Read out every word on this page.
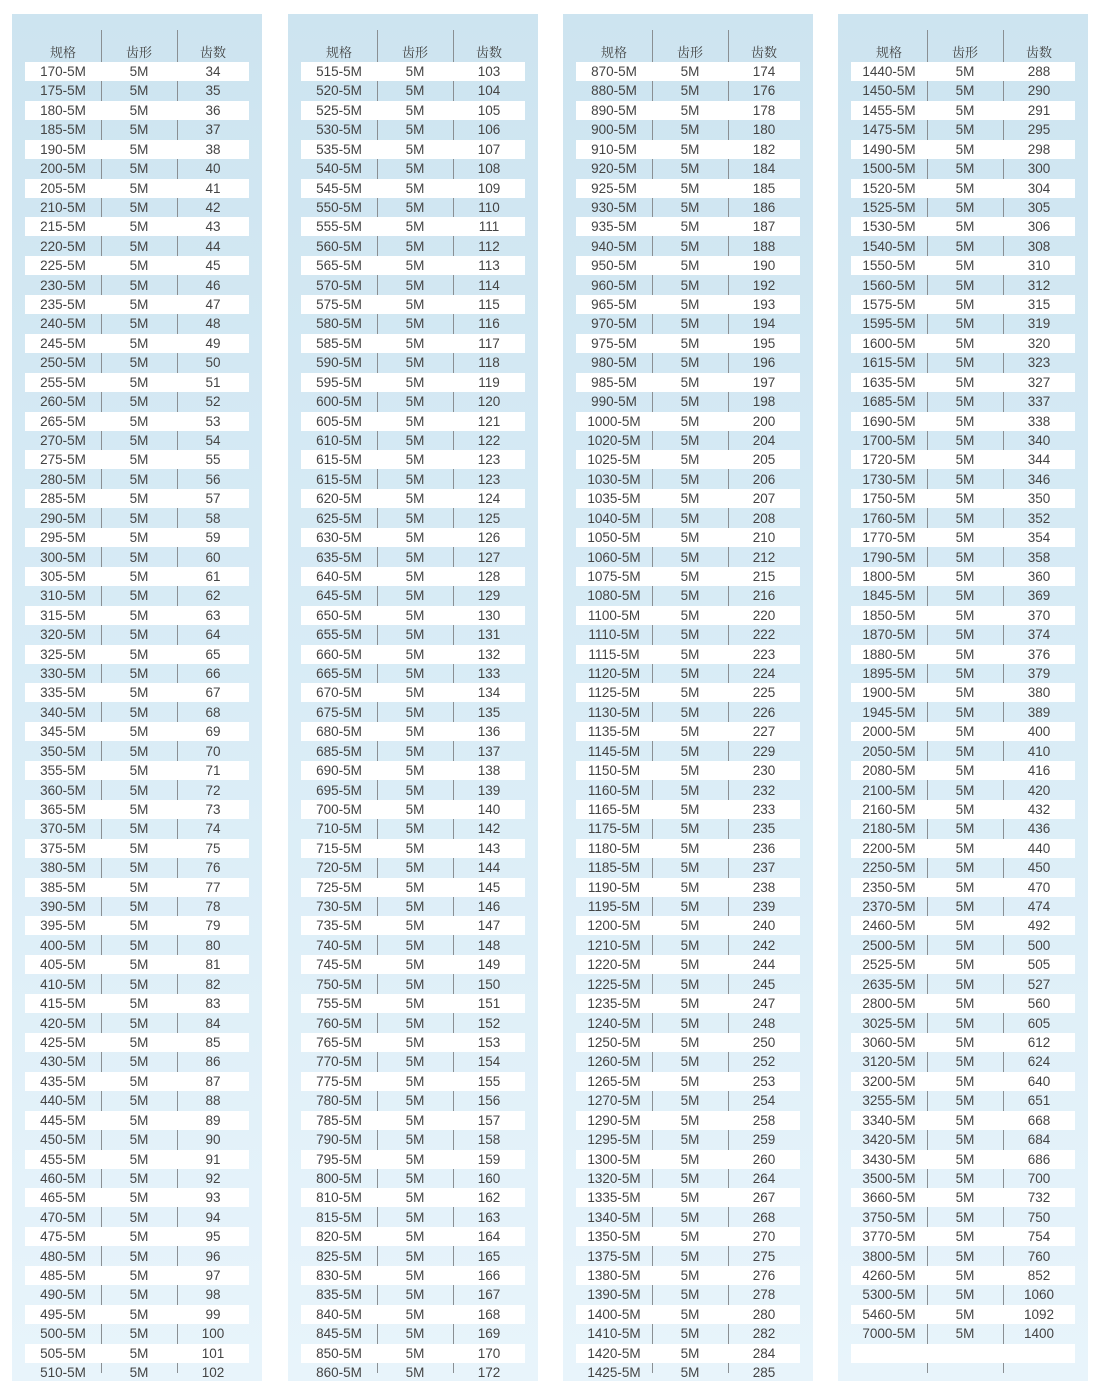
规格	齿形	齿数
170-5M	5M	34
175-5M	5M	35
180-5M	5M	36
185-5M	5M	37
190-5M	5M	38
200-5M	5M	40
205-5M	5M	41
210-5M	5M	42
215-5M	5M	43
220-5M	5M	44
225-5M	5M	45
230-5M	5M	46
235-5M	5M	47
240-5M	5M	48
245-5M	5M	49
250-5M	5M	50
255-5M	5M	51
260-5M	5M	52
265-5M	5M	53
270-5M	5M	54
275-5M	5M	55
280-5M	5M	56
285-5M	5M	57
290-5M	5M	58
295-5M	5M	59
300-5M	5M	60
305-5M	5M	61
310-5M	5M	62
315-5M	5M	63
320-5M	5M	64
325-5M	5M	65
330-5M	5M	66
335-5M	5M	67
340-5M	5M	68
345-5M	5M	69
350-5M	5M	70
355-5M	5M	71
360-5M	5M	72
365-5M	5M	73
370-5M	5M	74
375-5M	5M	75
380-5M	5M	76
385-5M	5M	77
390-5M	5M	78
395-5M	5M	79
400-5M	5M	80
405-5M	5M	81
410-5M	5M	82
415-5M	5M	83
420-5M	5M	84
425-5M	5M	85
430-5M	5M	86
435-5M	5M	87
440-5M	5M	88
445-5M	5M	89
450-5M	5M	90
455-5M	5M	91
460-5M	5M	92
465-5M	5M	93
470-5M	5M	94
475-5M	5M	95
480-5M	5M	96
485-5M	5M	97
490-5M	5M	98
495-5M	5M	99
500-5M	5M	100
505-5M	5M	101
510-5M	5M	102
规格	齿形	齿数
515-5M	5M	103
520-5M	5M	104
525-5M	5M	105
530-5M	5M	106
535-5M	5M	107
540-5M	5M	108
545-5M	5M	109
550-5M	5M	110
555-5M	5M	111
560-5M	5M	112
565-5M	5M	113
570-5M	5M	114
575-5M	5M	115
580-5M	5M	116
585-5M	5M	117
590-5M	5M	118
595-5M	5M	119
600-5M	5M	120
605-5M	5M	121
610-5M	5M	122
615-5M	5M	123
615-5M	5M	123
620-5M	5M	124
625-5M	5M	125
630-5M	5M	126
635-5M	5M	127
640-5M	5M	128
645-5M	5M	129
650-5M	5M	130
655-5M	5M	131
660-5M	5M	132
665-5M	5M	133
670-5M	5M	134
675-5M	5M	135
680-5M	5M	136
685-5M	5M	137
690-5M	5M	138
695-5M	5M	139
700-5M	5M	140
710-5M	5M	142
715-5M	5M	143
720-5M	5M	144
725-5M	5M	145
730-5M	5M	146
735-5M	5M	147
740-5M	5M	148
745-5M	5M	149
750-5M	5M	150
755-5M	5M	151
760-5M	5M	152
765-5M	5M	153
770-5M	5M	154
775-5M	5M	155
780-5M	5M	156
785-5M	5M	157
790-5M	5M	158
795-5M	5M	159
800-5M	5M	160
810-5M	5M	162
815-5M	5M	163
820-5M	5M	164
825-5M	5M	165
830-5M	5M	166
835-5M	5M	167
840-5M	5M	168
845-5M	5M	169
850-5M	5M	170
860-5M	5M	172
规格	齿形	齿数
870-5M	5M	174
880-5M	5M	176
890-5M	5M	178
900-5M	5M	180
910-5M	5M	182
920-5M	5M	184
925-5M	5M	185
930-5M	5M	186
935-5M	5M	187
940-5M	5M	188
950-5M	5M	190
960-5M	5M	192
965-5M	5M	193
970-5M	5M	194
975-5M	5M	195
980-5M	5M	196
985-5M	5M	197
990-5M	5M	198
1000-5M	5M	200
1020-5M	5M	204
1025-5M	5M	205
1030-5M	5M	206
1035-5M	5M	207
1040-5M	5M	208
1050-5M	5M	210
1060-5M	5M	212
1075-5M	5M	215
1080-5M	5M	216
1100-5M	5M	220
1110-5M	5M	222
1115-5M	5M	223
1120-5M	5M	224
1125-5M	5M	225
1130-5M	5M	226
1135-5M	5M	227
1145-5M	5M	229
1150-5M	5M	230
1160-5M	5M	232
1165-5M	5M	233
1175-5M	5M	235
1180-5M	5M	236
1185-5M	5M	237
1190-5M	5M	238
1195-5M	5M	239
1200-5M	5M	240
1210-5M	5M	242
1220-5M	5M	244
1225-5M	5M	245
1235-5M	5M	247
1240-5M	5M	248
1250-5M	5M	250
1260-5M	5M	252
1265-5M	5M	253
1270-5M	5M	254
1290-5M	5M	258
1295-5M	5M	259
1300-5M	5M	260
1320-5M	5M	264
1335-5M	5M	267
1340-5M	5M	268
1350-5M	5M	270
1375-5M	5M	275
1380-5M	5M	276
1390-5M	5M	278
1400-5M	5M	280
1410-5M	5M	282
1420-5M	5M	284
1425-5M	5M	285
规格	齿形	齿数
1440-5M	5M	288
1450-5M	5M	290
1455-5M	5M	291
1475-5M	5M	295
1490-5M	5M	298
1500-5M	5M	300
1520-5M	5M	304
1525-5M	5M	305
1530-5M	5M	306
1540-5M	5M	308
1550-5M	5M	310
1560-5M	5M	312
1575-5M	5M	315
1595-5M	5M	319
1600-5M	5M	320
1615-5M	5M	323
1635-5M	5M	327
1685-5M	5M	337
1690-5M	5M	338
1700-5M	5M	340
1720-5M	5M	344
1730-5M	5M	346
1750-5M	5M	350
1760-5M	5M	352
1770-5M	5M	354
1790-5M	5M	358
1800-5M	5M	360
1845-5M	5M	369
1850-5M	5M	370
1870-5M	5M	374
1880-5M	5M	376
1895-5M	5M	379
1900-5M	5M	380
1945-5M	5M	389
2000-5M	5M	400
2050-5M	5M	410
2080-5M	5M	416
2100-5M	5M	420
2160-5M	5M	432
2180-5M	5M	436
2200-5M	5M	440
2250-5M	5M	450
2350-5M	5M	470
2370-5M	5M	474
2460-5M	5M	492
2500-5M	5M	500
2525-5M	5M	505
2635-5M	5M	527
2800-5M	5M	560
3025-5M	5M	605
3060-5M	5M	612
3120-5M	5M	624
3200-5M	5M	640
3255-5M	5M	651
3340-5M	5M	668
3420-5M	5M	684
3430-5M	5M	686
3500-5M	5M	700
3660-5M	5M	732
3750-5M	5M	750
3770-5M	5M	754
3800-5M	5M	760
4260-5M	5M	852
5300-5M	5M	1060
5460-5M	5M	1092
7000-5M	5M	1400
